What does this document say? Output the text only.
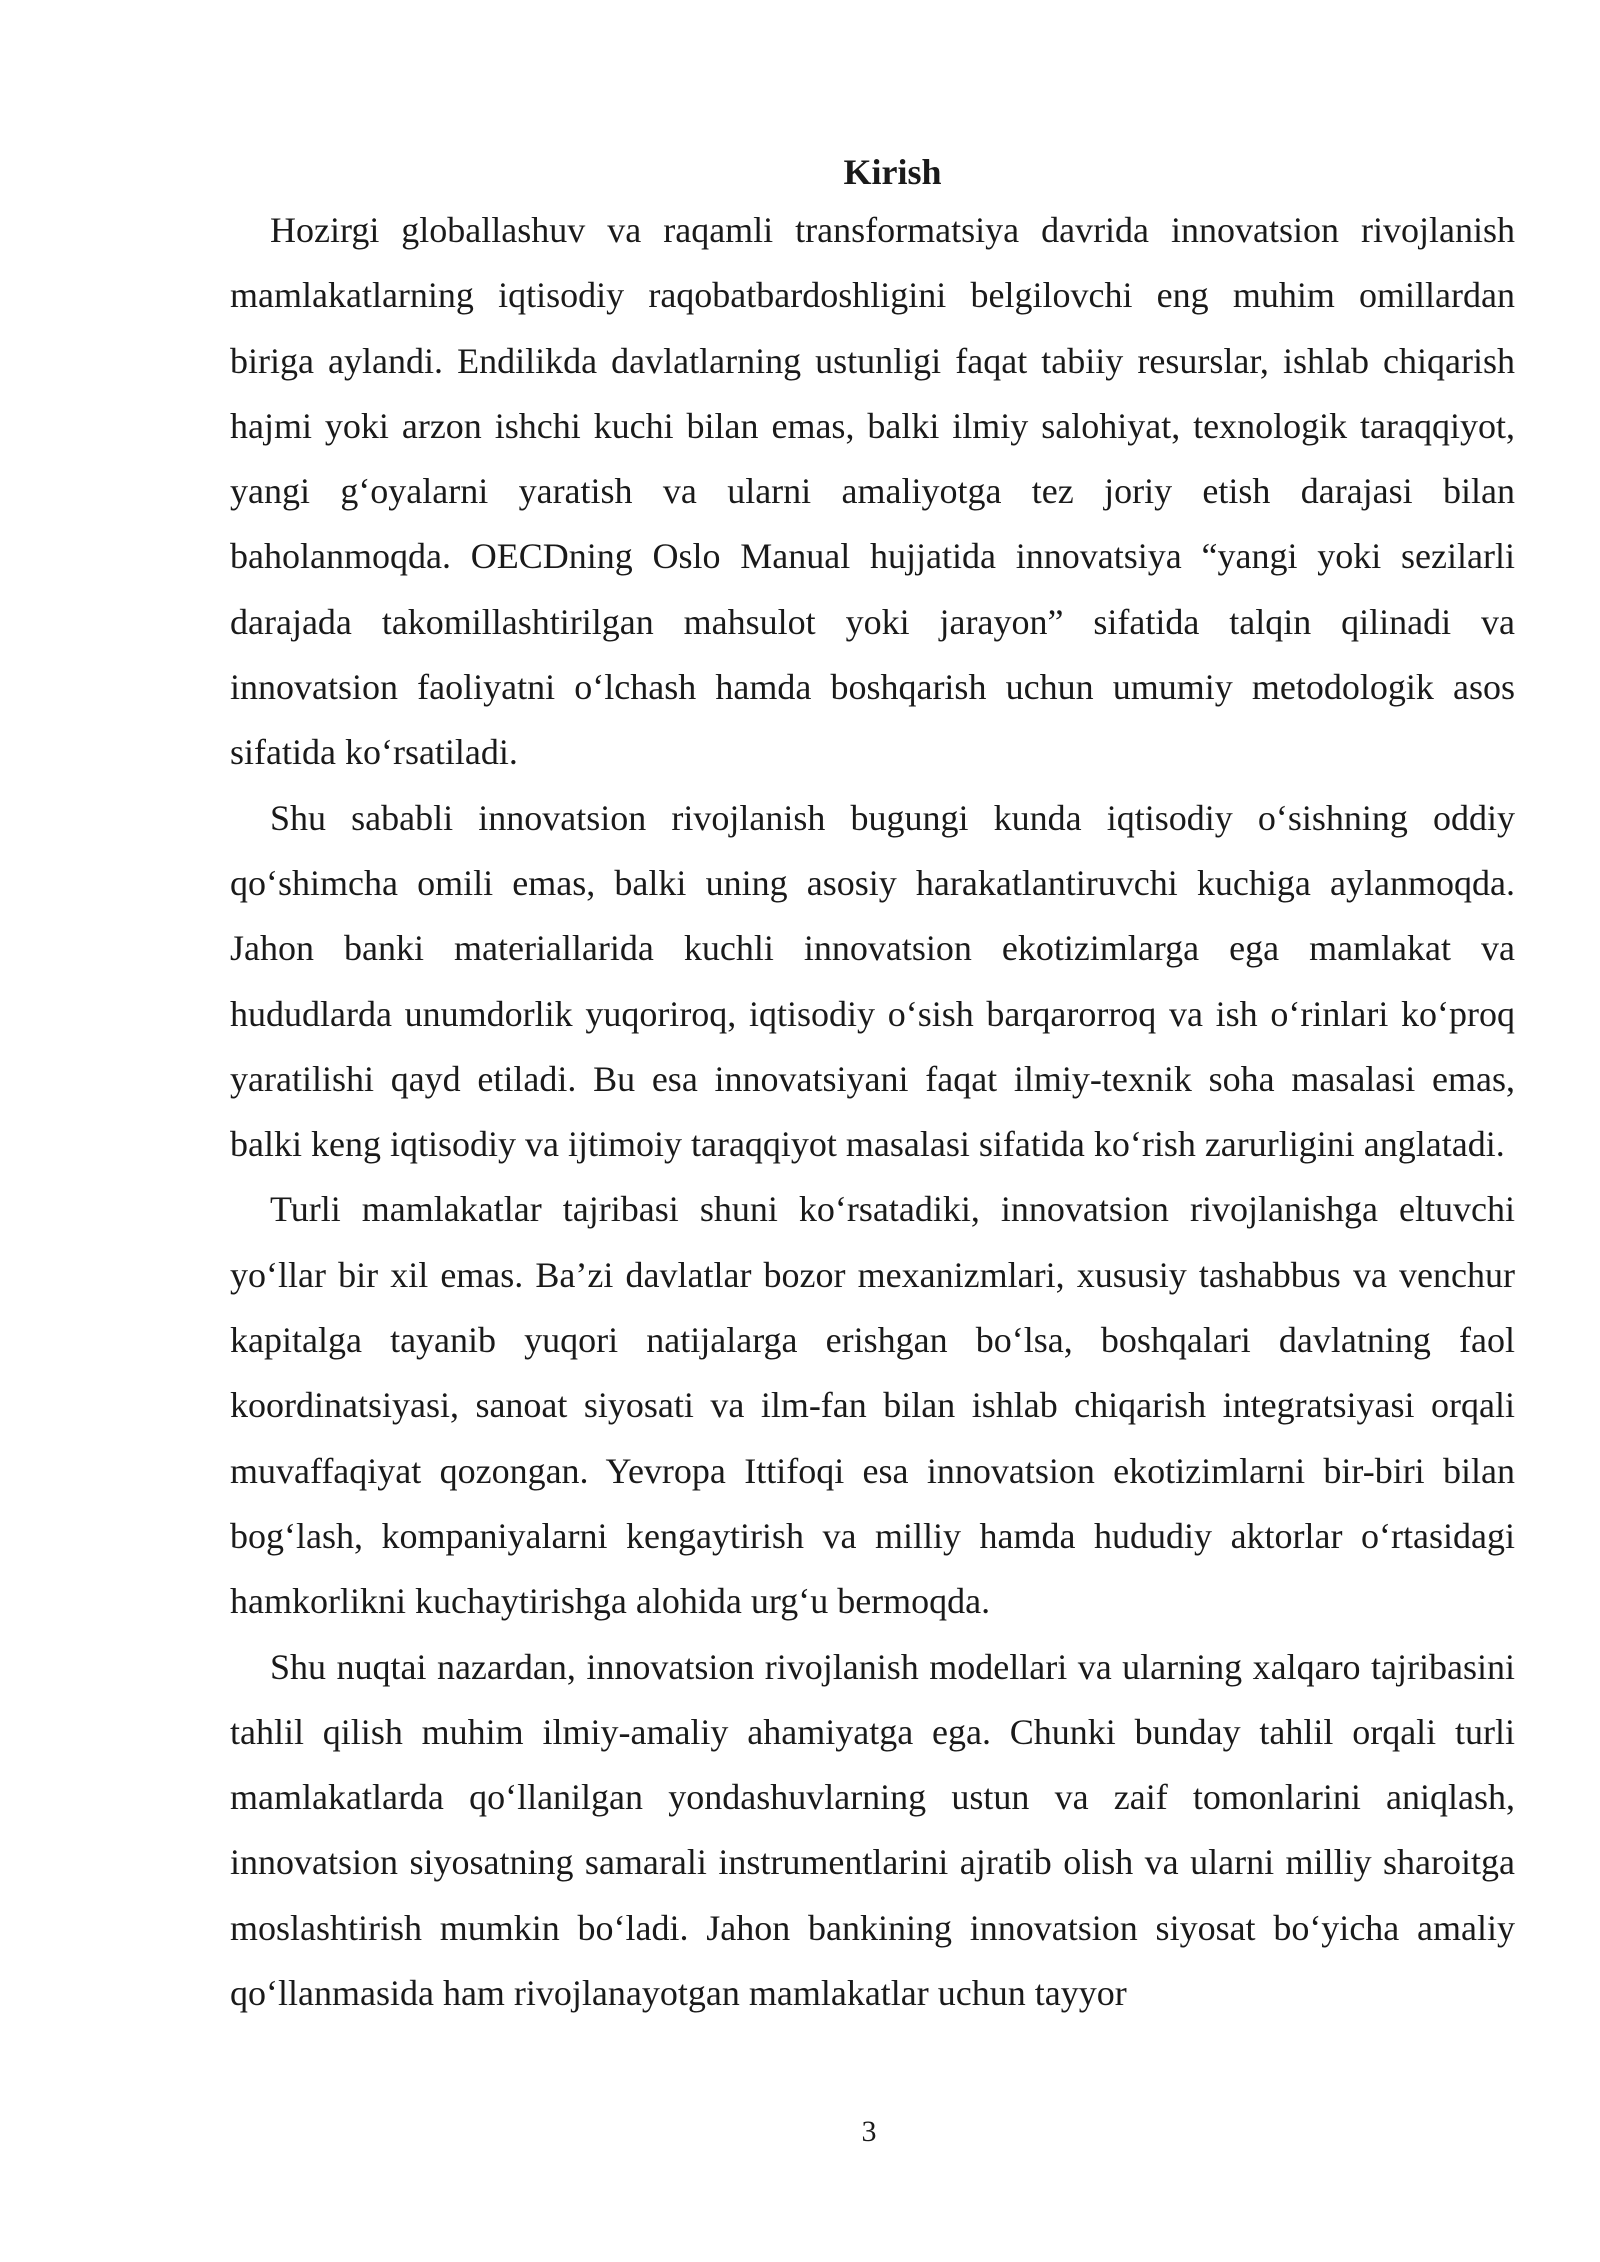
Kirish

Hozirgi globallashuv va raqamli transformatsiya davrida innovatsion rivojlanish mamlakatlarning iqtisodiy raqobatbardoshligini belgilovchi eng muhim omillardan biriga aylandi. Endilikda davlatlarning ustunligi faqat tabiiy resurslar, ishlab chiqarish hajmi yoki arzon ishchi kuchi bilan emas, balki ilmiy salohiyat, texnologik taraqqiyot, yangi g‘oyalarni yaratish va ularni amaliyotga tez joriy etish darajasi bilan baholanmoqda. OECDning Oslo Manual hujjatida innovatsiya “yangi yoki sezilarli darajada takomillashtirilgan mahsulot yoki jarayon” sifatida talqin qilinadi va innovatsion faoliyatni o‘lchash hamda boshqarish uchun umumiy metodologik asos sifatida ko‘rsatiladi.

Shu sababli innovatsion rivojlanish bugungi kunda iqtisodiy o‘sishning oddiy qo‘shimcha omili emas, balki uning asosiy harakatlantiruvchi kuchiga aylanmoqda. Jahon banki materiallarida kuchli innovatsion ekotizimlarga ega mamlakat va hududlarda unumdorlik yuqoriroq, iqtisodiy o‘sish barqarorroq va ish o‘rinlari ko‘proq yaratilishi qayd etiladi. Bu esa innovatsiyani faqat ilmiy-texnik soha masalasi emas, balki keng iqtisodiy va ijtimoiy taraqqiyot masalasi sifatida ko‘rish zarurligini anglatadi.

Turli mamlakatlar tajribasi shuni ko‘rsatadiki, innovatsion rivojlanishga eltuvchi yo‘llar bir xil emas. Ba’zi davlatlar bozor mexanizmlari, xususiy tashabbus va venchur kapitalga tayanib yuqori natijalarga erishgan bo‘lsa, boshqalari davlatning faol koordinatsiyasi, sanoat siyosati va ilm-fan bilan ishlab chiqarish integratsiyasi orqali muvaffaqiyat qozongan. Yevropa Ittifoqi esa innovatsion ekotizimlarni bir-biri bilan bog‘lash, kompaniyalarni kengaytirish va milliy hamda hududiy aktorlar o‘rtasidagi hamkorlikni kuchaytirishga alohida urg‘u bermoqda.

Shu nuqtai nazardan, innovatsion rivojlanish modellari va ularning xalqaro tajribasini tahlil qilish muhim ilmiy-amaliy ahamiyatga ega. Chunki bunday tahlil orqali turli mamlakatlarda qo‘llanilgan yondashuvlarning ustun va zaif tomonlarini aniqlash, innovatsion siyosatning samarali instrumentlarini ajratib olish va ularni milliy sharoitga moslashtirish mumkin bo‘ladi. Jahon bankining innovatsion siyosat bo‘yicha amaliy qo‘llanmasida ham rivojlanayotgan mamlakatlar uchun tayyor

3
